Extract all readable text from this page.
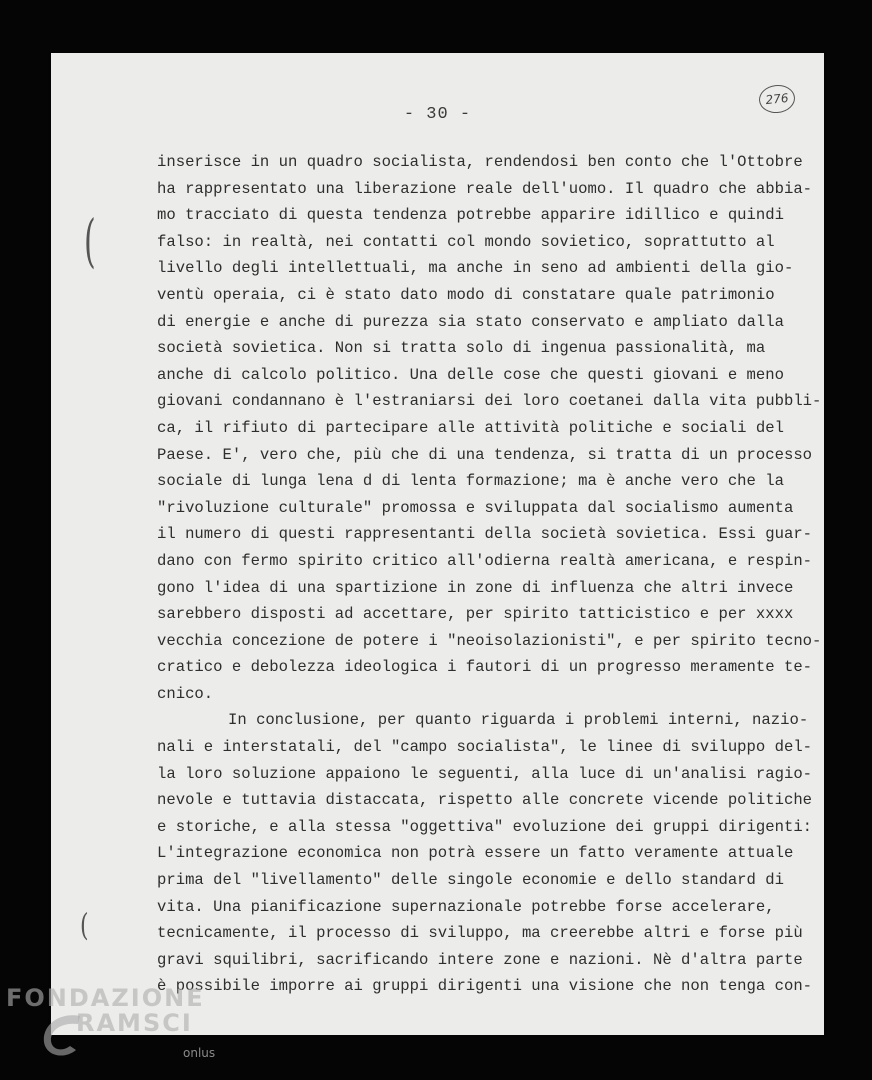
- 30 -
276
inserisce in un quadro socialista, rendendosi ben conto che l'Ottobre
ha rappresentato una liberazione reale dell'uomo. Il quadro che abbia-
mo tracciato di questa tendenza potrebbe apparire idillico e quindi
falso: in realtà, nei contatti col mondo sovietico, soprattutto al
livello degli intellettuali, ma anche in seno ad ambienti della gio-
ventù operaia, ci è stato dato modo di constatare quale patrimonio
di energie e anche di purezza sia stato conservato e ampliato dalla
società sovietica. Non si tratta solo di ingenua passionalità, ma
anche di calcolo politico. Una delle cose che questi giovani e meno
giovani condannano è l'estraniarsi dei loro coetanei dalla vita pubbli-
ca, il rifiuto di partecipare alle attività politiche e sociali del
Paese. E', vero che, più che di una tendenza, si tratta di un processo
sociale di lunga lena d di lenta formazione; ma è anche vero che la
"rivoluzione culturale" promossa e sviluppata dal socialismo aumenta
il numero di questi rappresentanti della società sovietica. Essi guar-
dano con fermo spirito critico all'odierna realtà americana, e respin-
gono l'idea di una spartizione in zone di influenza che altri invece
sarebbero disposti ad accettare, per spirito tatticistico e per xxxx
vecchia concezione de potere i "neoisolazionisti", e per spirito tecno-
cratico e debolezza ideologica i fautori di un progresso meramente te-
cnico.
In conclusione, per quanto riguarda i problemi interni, nazio-
nali e interstatali, del "campo socialista", le linee di sviluppo del-
la loro soluzione appaiono le seguenti, alla luce di un'analisi ragio-
nevole e tuttavia distaccata, rispetto alle concrete vicende politiche
e storiche, e alla stessa "oggettiva" evoluzione dei gruppi dirigenti:
L'integrazione economica non potrà essere un fatto veramente attuale
prima del "livellamento" delle singole economie e dello standard di
vita. Una pianificazione supernazionale potrebbe forse accelerare,
tecnicamente, il processo di sviluppo, ma creerebbe altri e forse più
gravi squilibri, sacrificando intere zone e nazioni. Nè d'altra parte
è possibile imporre ai gruppi dirigenti una visione che non tenga con-
(
(
FONDAZIONE
RAMSCI
onlus
